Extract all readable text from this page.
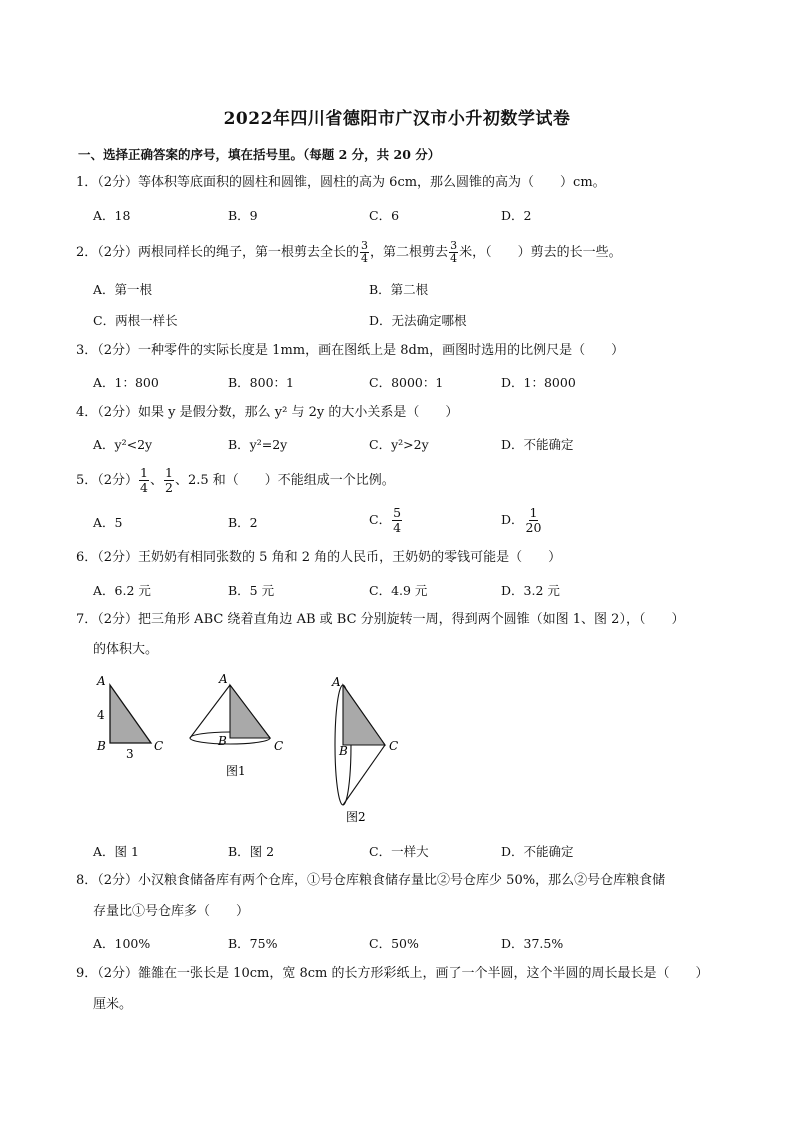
2022年四川省德阳市广汉市小升初数学试卷
一、选择正确答案的序号，填在括号里。（每题 2 分，共 20 分）
1．（2分）等体积等底面积的圆柱和圆锥，圆柱的高为 6cm，那么圆锥的高为（　　）cm。
A．18	B．9	C．6	D．2
2．（2分）两根同样长的绳子，第一根剪去全长的 $\frac{3}{4}$ ，第二根剪去 $\frac{3}{4}$ 米，（　　）剪去的长一些。
A．第一根	B．第二根
C．两根一样长	D．无法确定哪根
3．（2分）一种零件的实际长度是 1mm，画在图纸上是 8dm，画图时选用的比例尺是（　　）
A．1：800	B．800：1	C．8000：1	D．1：8000
4．（2分）如果 y 是假分数，那么 y² 与 2y 的大小关系是（　　）
A．y²<2y	B．y²=2y	C．y²>2y	D．不能确定
5．（2分） $\frac{1}{4}$ 、 $\frac{1}{2}$ 、2.5 和（　　）不能组成一个比例。
A．5	B．2	C． $\frac{5}{4}$	D． $\frac{1}{20}$
6．（2分）王奶奶有相同张数的 5 角和 2 角的人民币，王奶奶的零钱可能是（　　）
A．6.2 元	B．5 元	C．4.9 元	D．3.2 元
7．（2分）把三角形 ABC 绕着直角边 AB 或 BC 分别旋转一周，得到两个圆锥（如图 1、图 2），（　　）
的体积大。
A
B	C
4
3
A
B	C
图1
A
B	C
图2
A．图 1	B．图 2	C．一样大	D．不能确定
8．（2分）小汉粮食储备库有两个仓库，①号仓库粮食储存量比②号仓库少 50%，那么②号仓库粮食储
存量比①号仓库多（　　）
A．100%	B．75%	C．50%	D．37.5%
9．（2分）雒雒在一张长是 10cm，宽 8cm 的长方形彩纸上，画了一个半圆，这个半圆的周长最长是（　　）
厘米。
